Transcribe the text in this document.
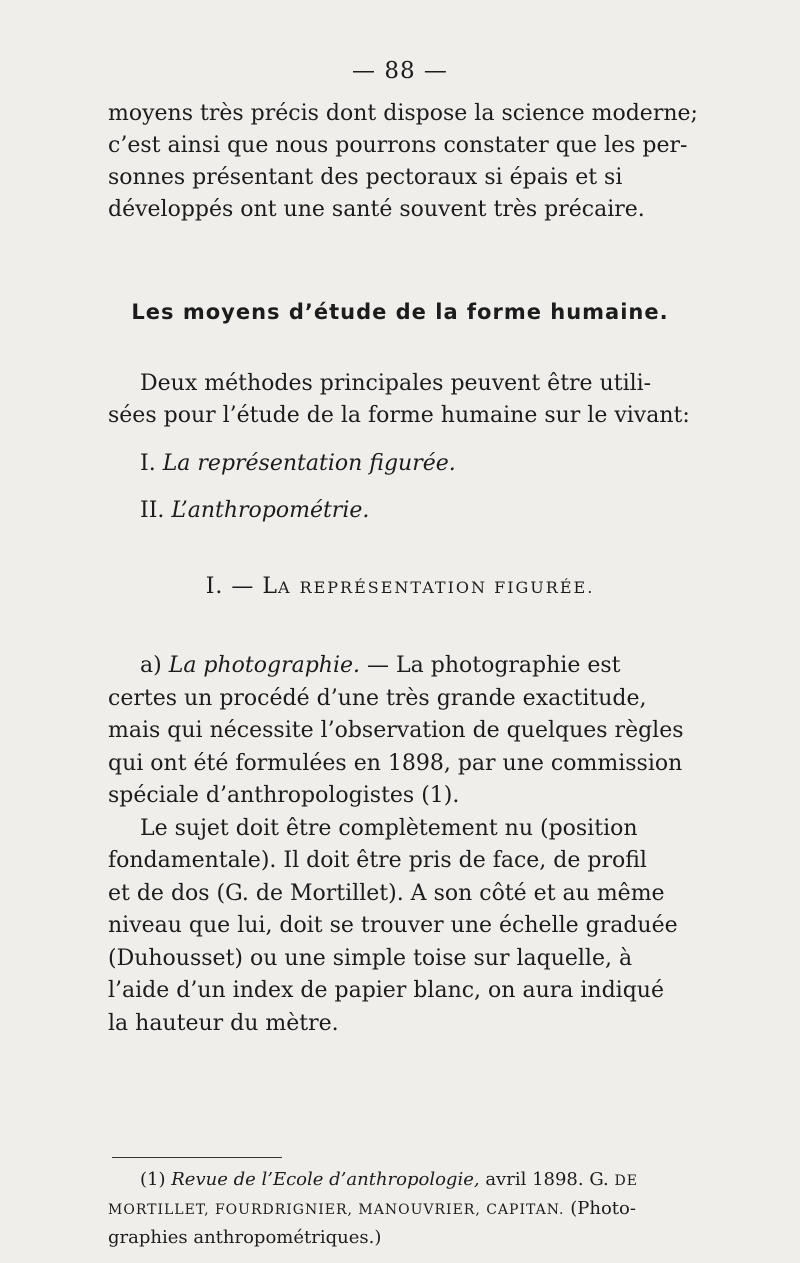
— 88 —
moyens très précis dont dispose la science moderne;
c’est ainsi que nous pourrons constater que les per-
sonnes présentant des pectoraux si épais et si
développés ont une santé souvent très précaire.
Les moyens d’étude de la forme humaine.
Deux méthodes principales peuvent être utili-
sées pour l’étude de la forme humaine sur le vivant:
I. La représentation figurée.
II. L’anthropométrie.
I. — LA REPRÉSENTATION FIGURÉE.
a) La photographie. — La photographie est
certes un procédé d’une très grande exactitude,
mais qui nécessite l’observation de quelques règles
qui ont été formulées en 1898, par une commission
spéciale d’anthropologistes (1).
Le sujet doit être complètement nu (position
fondamentale). Il doit être pris de face, de profil
et de dos (G. de Mortillet). A son côté et au même
niveau que lui, doit se trouver une échelle graduée
(Duhousset) ou une simple toise sur laquelle, à
l’aide d’un index de papier blanc, on aura indiqué
la hauteur du mètre.
(1) Revue de l’Ecole d’anthropologie, avril 1898. G. DE
MORTILLET, FOURDRIGNIER, MANOUVRIER, CAPITAN. (Photo-
graphies anthropométriques.)
